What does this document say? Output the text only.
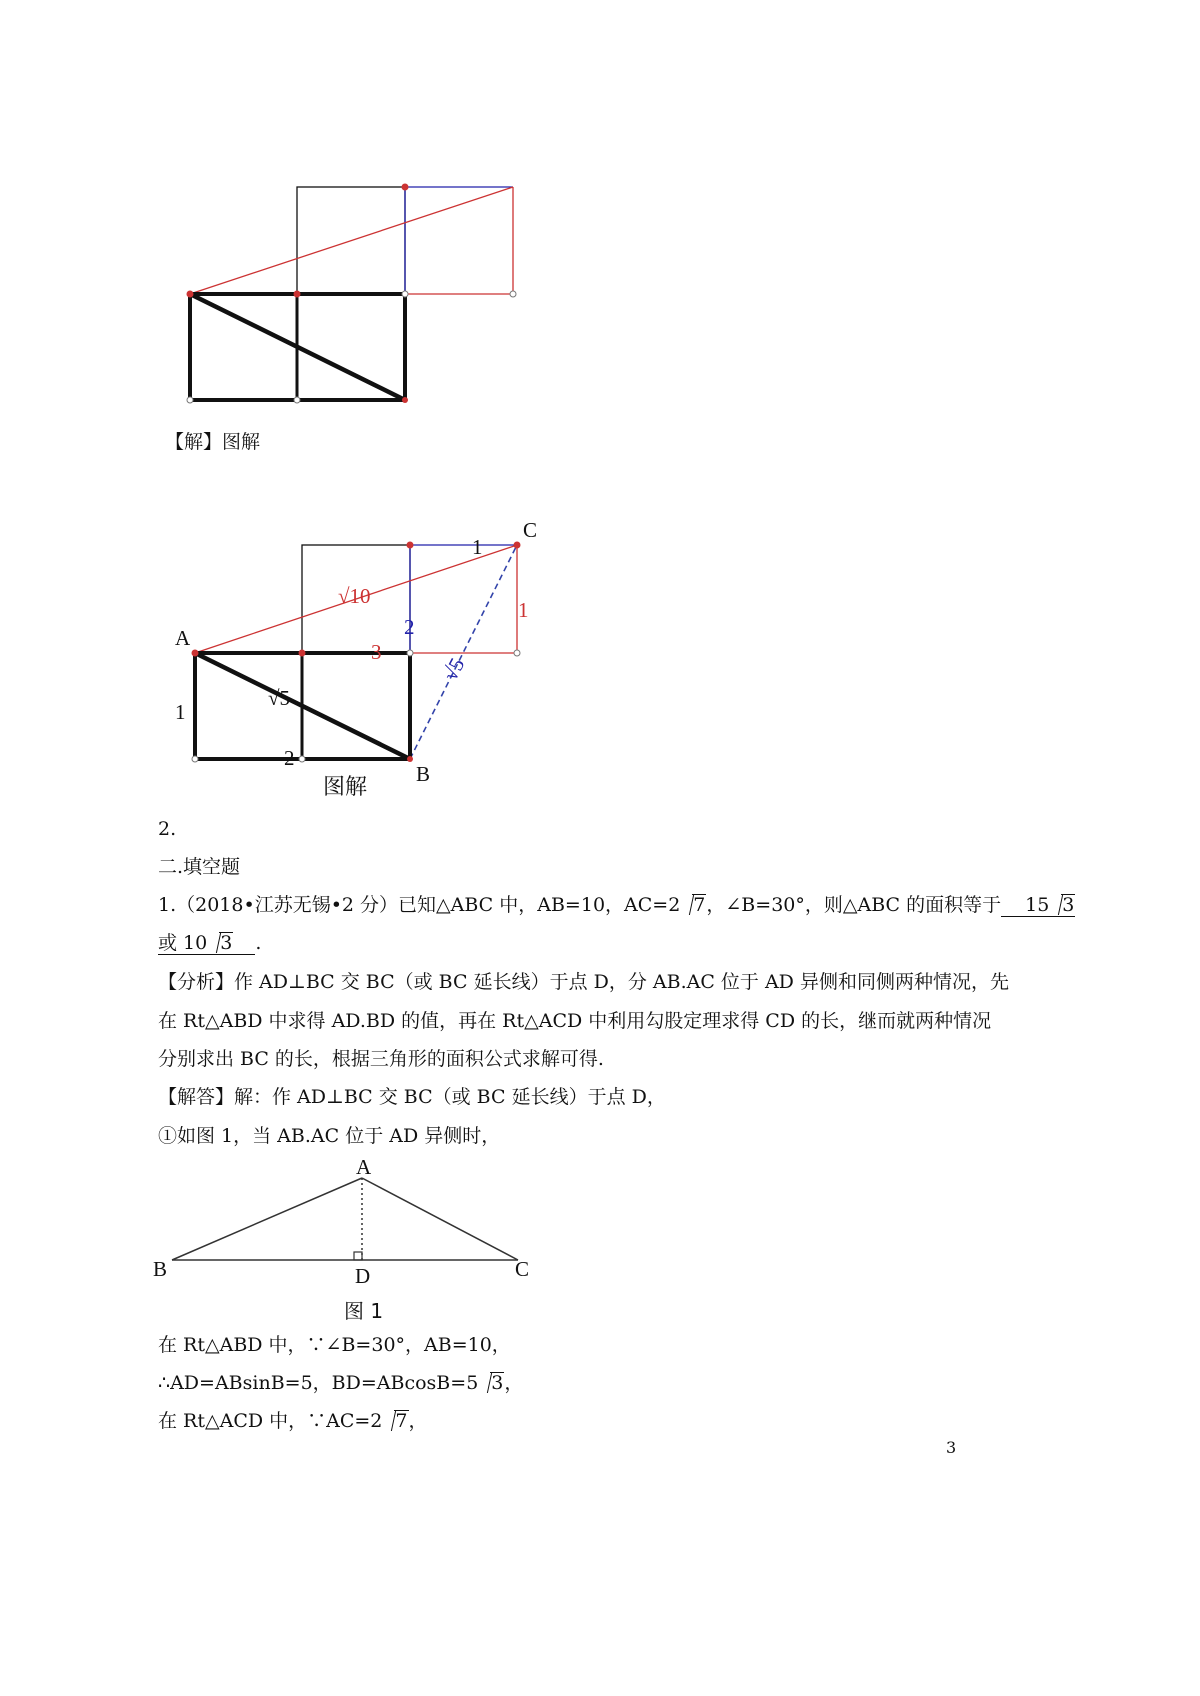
【解】图解
C
A
B
1
√10
2
1
3
√5
1
√5
2
图解
2.
二.填空题
1.（2018•江苏无锡•2 分）已知△ABC 中，AB=10，AC=2 7，∠B=30°，则△ABC 的面积等于 15 3
或 10 3 .
【分析】作 AD⊥BC 交 BC（或 BC 延长线）于点 D，分 AB.AC 位于 AD 异侧和同侧两种情况，先
在 Rt△ABD 中求得 AD.BD 的值，再在 Rt△ACD 中利用勾股定理求得 CD 的长，继而就两种情况
分别求出 BC 的长，根据三角形的面积公式求解可得.
【解答】解：作 AD⊥BC 交 BC（或 BC 延长线）于点 D，
①如图 1，当 AB.AC 位于 AD 异侧时，
A
B	C
D
图 1
在 Rt△ABD 中，∵∠B=30°，AB=10，
∴AD=ABsinB=5，BD=ABcosB=5 3，
在 Rt△ACD 中，∵AC=2 7，
3
